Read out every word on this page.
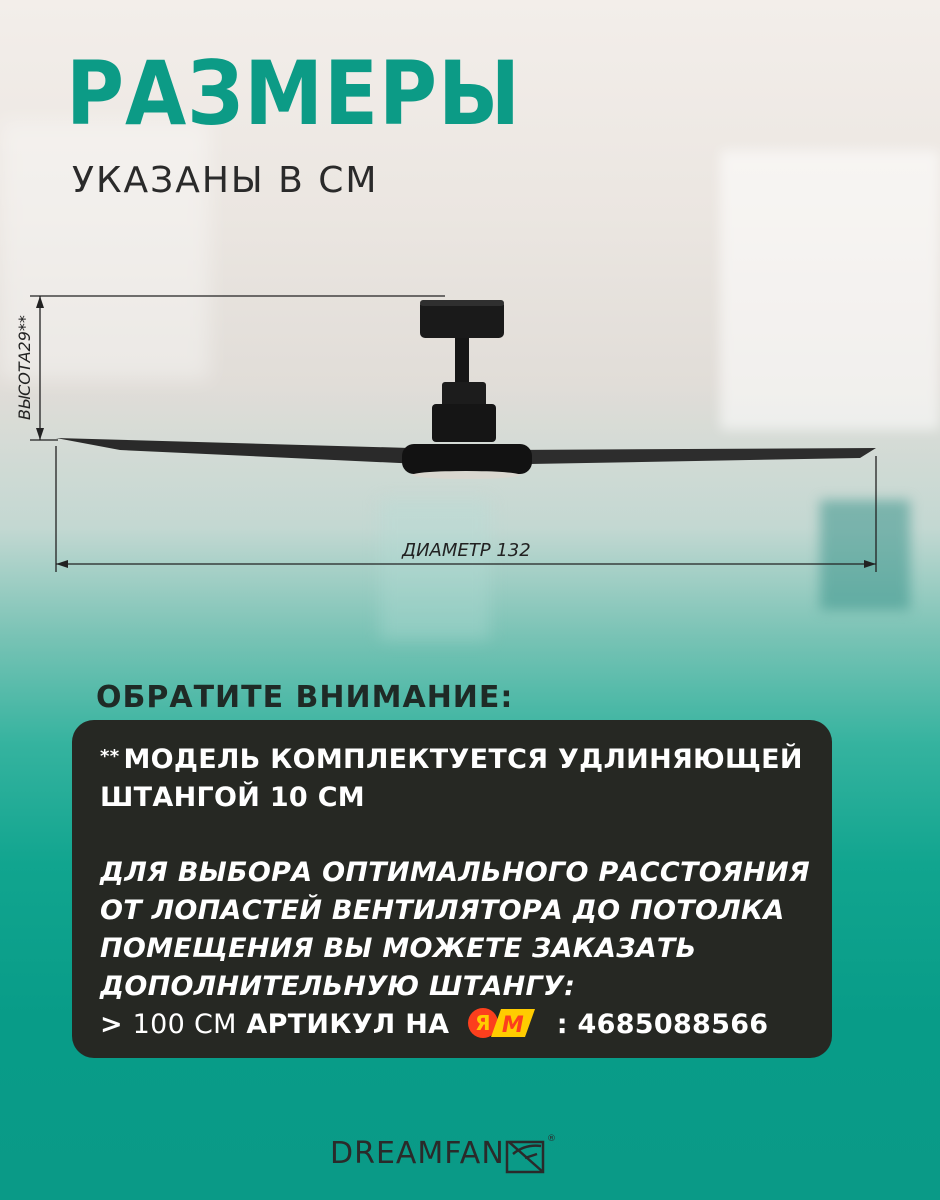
РАЗМЕРЫ
УКАЗАНЫ В СМ
ВЫСОТА29**
ДИАМЕТР 132
ОБРАТИТЕ ВНИМАНИЕ:
** МОДЕЛЬ КОМПЛЕКТУЕТСЯ УДЛИНЯЮЩЕЙ
ШТАНГОЙ 10 СМ
ДЛЯ ВЫБОРА ОПТИМАЛЬНОГО РАССТОЯНИЯ
ОТ ЛОПАСТЕЙ ВЕНТИЛЯТОРА ДО ПОТОЛКА
ПОМЕЩЕНИЯ ВЫ МОЖЕТЕ ЗАКАЗАТЬ
ДОПОЛНИТЕЛЬНУЮ ШТАНГУ:
> 100 СМ АРТИКУЛ НА Я M : 4685088566
DREAMFAN	®
